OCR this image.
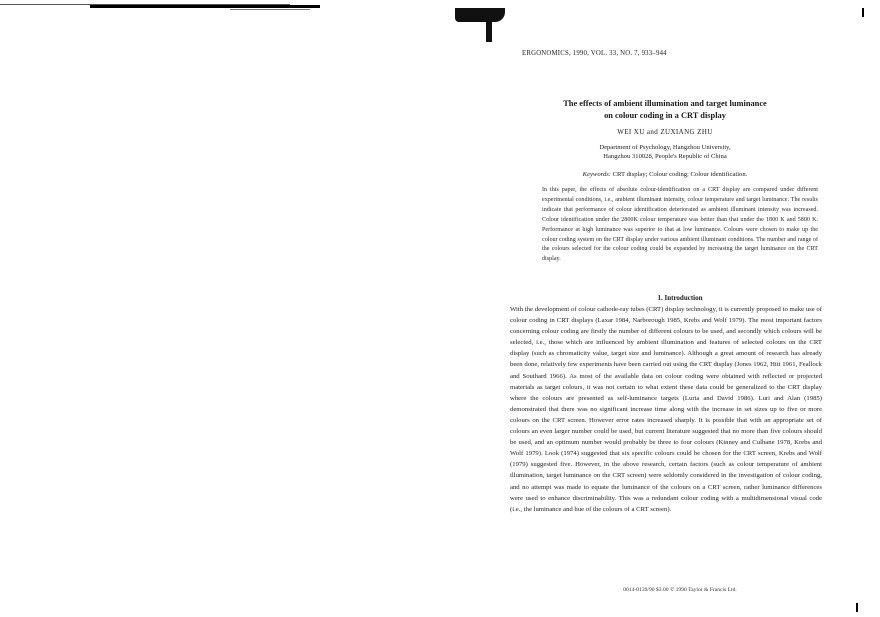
ERGONOMICS, 1990, VOL. 33, NO. 7, 933–944
The effects of ambient illumination and target luminance
on colour coding in a CRT display
WEI XU and ZUXIANG ZHU
Department of Psychology, Hangzhou University,
Hangzhou 310028, People's Republic of China
Keywords: CRT display; Colour coding; Colour identification.
In this paper, the effects of absolute colour-identification on a CRT display are compared under different experimental conditions, i.e., ambient illuminant intensity, colour temperature and target luminance. The results indicate that performance of colour identification deteriorated as ambient illuminant intensity was increased. Colour identification under the 2800K colour temperature was better than that under the 1800 K and 5800 K. Performance at high luminance was superior to that at low luminance. Colours were chosen to make up the colour coding system on the CRT display under various ambient illuminant conditions. The number and range of the colours selected for the colour coding could be expanded by increasing the target luminance on the CRT display.
1. Introduction
With the development of colour cathode-ray tubes (CRT) display technology, it is currently proposed to make use of colour coding in CRT displays (Laxar 1984, Narborough 1985, Krebs and Wolf 1979). The most important factors concerning colour coding are firstly the number of different colours to be used, and secondly which colours will be selected, i.e., those which are influenced by ambient illumination and features of selected colours on the CRT display (such as chromaticity value, target size and luminance). Although a great amount of research has already been done, relatively few experiments have been carried out using the CRT display (Jones 1962, Hitt 1961, Feallock and Southard 1966). As most of the available data on colour coding were obtained with reflected or projected materials as target colours, it was not certain to what extent these data could be generalized to the CRT display where the colours are presented as self-luminance targets (Luria and David 1986). Luri and Alan (1985) demonstrated that there was no significant increase time along with the increase in set sizes up to five or more colours on the CRT screen. However error rates increased sharply. It is possible that with an appropriate set of colours an even larger number could be used, but current literature suggested that no more than five colours should be used, and an optimum number would probably be three to four colours (Kinney and Culhane 1978, Krebs and Wolf 1979). Look (1974) suggested that six specific colours could be chosen for the CRT screen, Krebs and Wolf (1979) suggested five. However, in the above research, certain factors (such as colour temperature of ambient illumination, target luminance on the CRT screen) were seldomly considered in the investigation of colour coding, and no attempt was made to equate the luminance of the colours on a CRT screen, rather luminance differences were used to enhance discriminability. This was a redundant colour coding with a multidimensional visual code (i.e., the luminance and hue of the colours of a CRT screen).
0014-0139/90 $3.00 © 1990 Taylor & Francis Ltd.
